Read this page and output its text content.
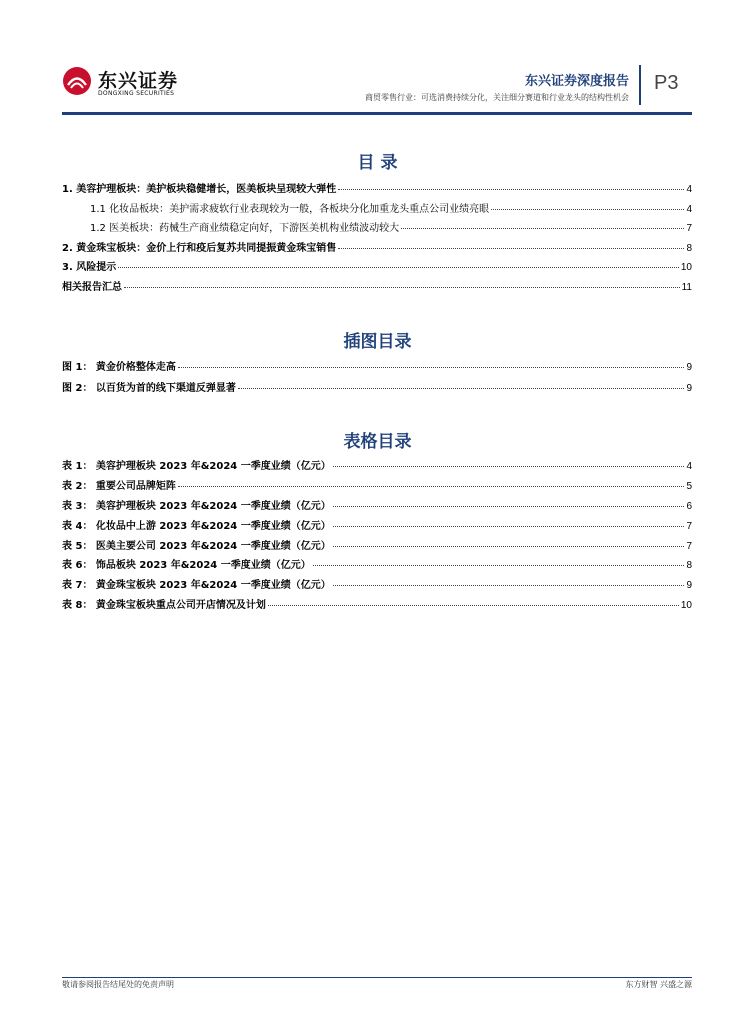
东兴证券
DONGXING SECURITIES
东兴证券深度报告
商贸零售行业：可选消费持续分化，关注细分赛道和行业龙头的结构性机会
P3
目 录
1. 美容护理板块：美护板块稳健增长，医美板块呈现较大弹性	4
1.1 化妆品板块：美护需求疲软行业表现较为一般，各板块分化加重龙头重点公司业绩亮眼	4
1.2 医美板块：药械生产商业绩稳定向好，下游医美机构业绩波动较大	7
2. 黄金珠宝板块：金价上行和疫后复苏共同提振黄金珠宝销售	8
3. 风险提示	10
相关报告汇总	11
插图目录
图 1： 黄金价格整体走高	9
图 2： 以百货为首的线下渠道反弹显著	9
表格目录
表 1： 美容护理板块 2023 年&2024 一季度业绩（亿元）	4
表 2： 重要公司品牌矩阵	5
表 3： 美容护理板块 2023 年&2024 一季度业绩（亿元）	6
表 4： 化妆品中上游 2023 年&2024 一季度业绩（亿元）	7
表 5： 医美主要公司 2023 年&2024 一季度业绩（亿元）	7
表 6： 饰品板块 2023 年&2024 一季度业绩（亿元）	8
表 7： 黄金珠宝板块 2023 年&2024 一季度业绩（亿元）	9
表 8： 黄金珠宝板块重点公司开店情况及计划	10
敬请参阅报告结尾处的免责声明	东方财智 兴盛之源
